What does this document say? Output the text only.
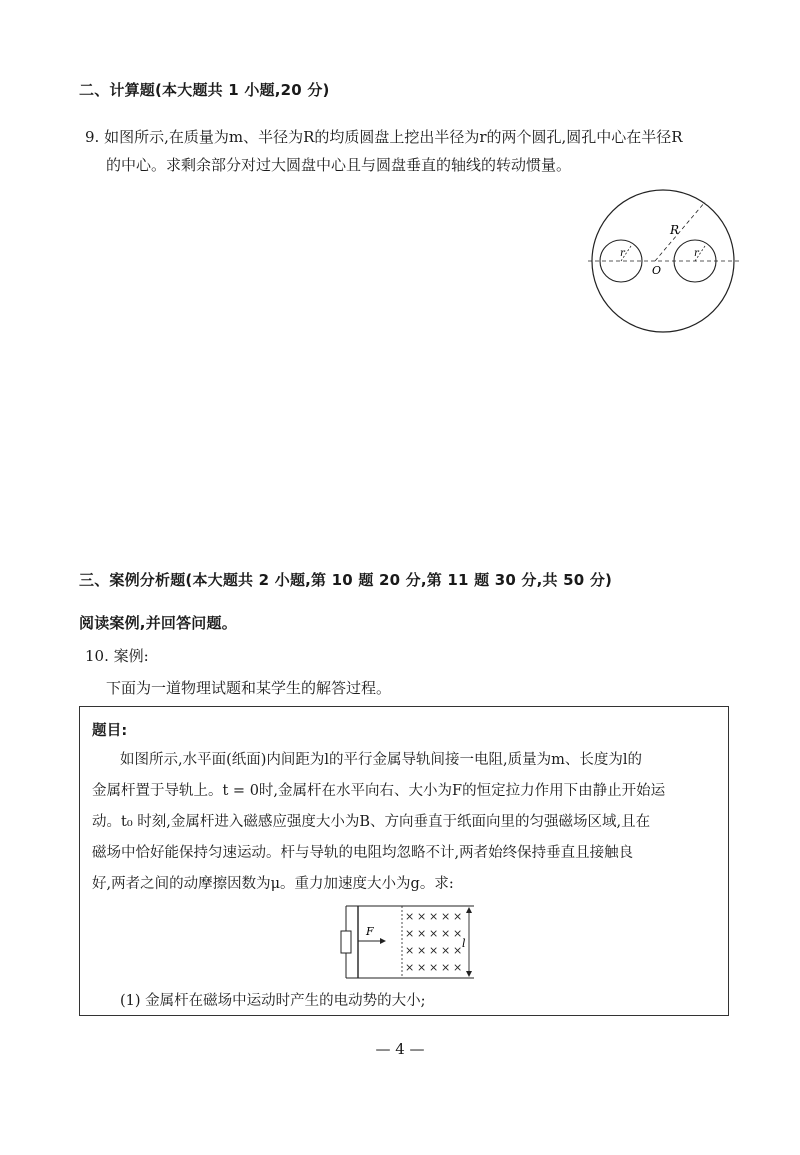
二、计算题(本大题共 1 小题,20 分)
9. 如图所示,在质量为m、半径为R的均质圆盘上挖出半径为r的两个圆孔,圆孔中心在半径R
的中心。求剩余部分对过大圆盘中心且与圆盘垂直的轴线的转动惯量。
R
r	r
O
三、案例分析题(本大题共 2 小题,第 10 题 20 分,第 11 题 30 分,共 50 分)
阅读案例,并回答问题。
10. 案例:
下面为一道物理试题和某学生的解答过程。
题目:
如图所示,水平面(纸面)内间距为l的平行金属导轨间接一电阻,质量为m、长度为l的
金属杆置于导轨上。t = 0时,金属杆在水平向右、大小为F的恒定拉力作用下由静止开始运
动。t₀ 时刻,金属杆进入磁感应强度大小为B、方向垂直于纸面向里的匀强磁场区域,且在
磁场中恰好能保持匀速运动。杆与导轨的电阻均忽略不计,两者始终保持垂直且接触良
好,两者之间的动摩擦因数为μ。重力加速度大小为g。求:
F
× × × × ×
× × × × ×
× × × × ×
× × × × ×
l
(1) 金属杆在磁场中运动时产生的电动势的大小;
— 4 —
